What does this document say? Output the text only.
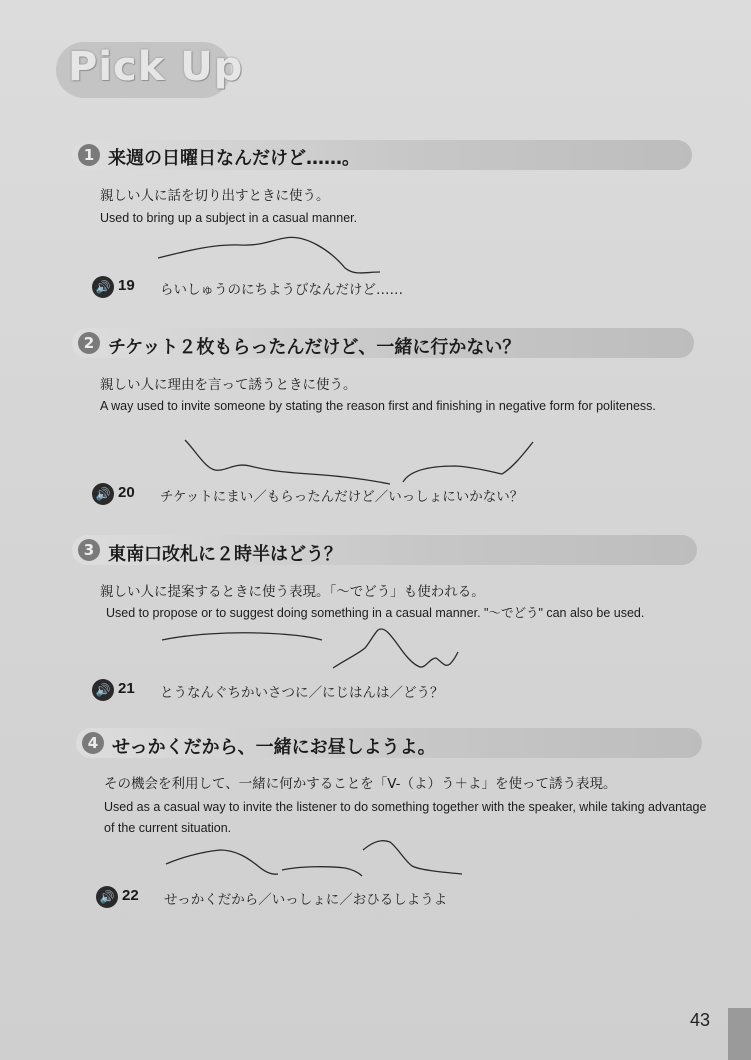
Pick Up
1 来週の日曜日なんだけど……。
親しい人に話を切り出すときに使う。
Used to bring up a subject in a casual manner.
🔊 19 らいしゅうのにちようびなんだけど……
2 チケット２枚もらったんだけど、一緒に行かない？
親しい人に理由を言って誘うときに使う。
A way used to invite someone by stating the reason first and finishing in negative form for politeness.
🔊 20 チケットにまい／もらったんだけど／いっしょにいかない？
3 東南口改札に２時半はどう？
親しい人に提案するときに使う表現。「～でどう」も使われる。
Used to propose or to suggest doing something in a casual manner. "～でどう" can also be used.
🔊 21 とうなんぐちかいさつに／にじはんは／どう？
4 せっかくだから、一緒にお昼しようよ。
その機会を利用して、一緒に何かすることを「V-（よ）う＋よ」を使って誘う表現。
Used as a casual way to invite the listener to do something together with the speaker, while taking advantage of the current situation.
🔊 22 せっかくだから／いっしょに／おひるしようよ
43
